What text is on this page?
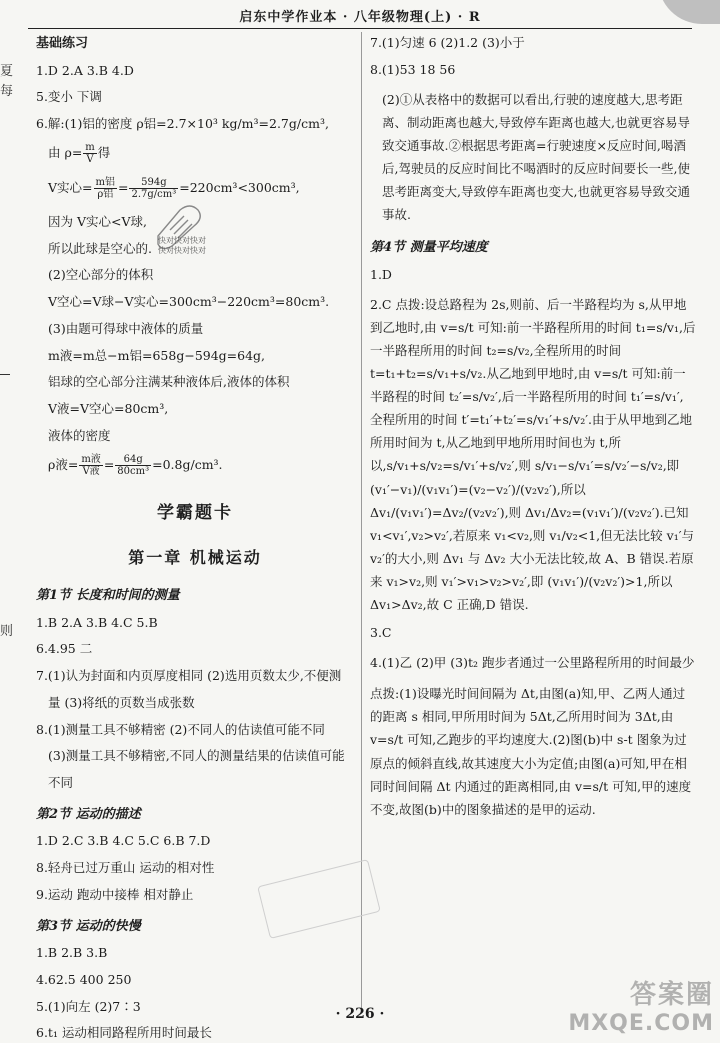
启东中学作业本 · 八年级物理(上) · R
夏
每
则

基础练习

1.D 2.A 3.B 4.D

5.变小 下调

6.解:(1)铝的密度 ρ铝=2.7×10³ kg/m³=2.7g/cm³,

由 $\rho= \frac{m}{V}$ 得

V实心= $\frac{\text{m铝}}{\text{ρ铝}} = \frac{594g}{\text{2.7g/cm³}} =220cm^3<300cm^3$,

因为 V实心<V球,

所以此球是空心的.

(2)空心部分的体积

V空心=V球−V实心=300cm³−220cm³=80cm³.

(3)由题可得球中液体的质量

m液=m总−m铝=658g−594g=64g,

铝球的空心部分注满某种液体后,液体的体积

V液=V空心=80cm³,

液体的密度

ρ液= $\frac{\text{m液}}{\text{V液}} = \frac{64g}{\text{80cm³}} =0.8g/cm^3$.

学霸题卡

第一章 机械运动

第1节 长度和时间的测量

1.B 2.A 3.B 4.C 5.B

6.4.95 二

7.(1)认为封面和内页厚度相同 (2)选用页数太少,不便测

量 (3)将纸的页数当成张数

8.(1)测量工具不够精密 (2)不同人的估读值可能不同

(3)测量工具不够精密,不同人的测量结果的估读值可能

不同

第2节 运动的描述

1.D 2.C 3.B 4.C 5.C 6.B 7.D

8.轻舟已过万重山 运动的相对性

9.运动 跑动中接棒 相对静止

第3节 运动的快慢

1.B 2.B 3.B

4.62.5 400 250

5.(1)向左 (2)7∶3

6.t₁ 运动相同路程所用时间最长

7.(1)匀速 6 (2)1.2 (3)小于

8.(1)53 18 56

(2)①从表格中的数据可以看出,行驶的速度越大,思考距离、制动距离也越大,导致停车距离也越大,也就更容易导致交通事故.②根据思考距离=行驶速度×反应时间,喝酒后,驾驶员的反应时间比不喝酒时的反应时间要长一些,使思考距离变大,导致停车距离也变大,也就更容易导致交通事故.

第4节 测量平均速度

1.D

2.C 点拨:设总路程为 2s,则前、后一半路程均为 s,从甲地到乙地时,由 v=s/t 可知:前一半路程所用的时间 t₁=s/v₁,后一半路程所用的时间 t₂=s/v₂,全程所用的时间 t=t₁+t₂=s/v₁+s/v₂.从乙地到甲地时,由 v=s/t 可知:前一半路程的时间 t₂′=s/v₂′,后一半路程所用的时间 t₁′=s/v₁′,全程所用的时间 t′=t₁′+t₂′=s/v₁′+s/v₂′.由于从甲地到乙地所用时间为 t,从乙地到甲地所用时间也为 t,所以,s/v₁+s/v₂=s/v₁′+s/v₂′,则 s/v₁−s/v₁′=s/v₂′−s/v₂,即 (v₁′−v₁)/(v₁v₁′)=(v₂−v₂′)/(v₂v₂′),所以 Δv₁/(v₁v₁′)=Δv₂/(v₂v₂′),则 Δv₁/Δv₂=(v₁v₁′)/(v₂v₂′).已知 v₁<v₁′,v₂>v₂′,若原来 v₁<v₂,则 v₁/v₂<1,但无法比较 v₁′与 v₂′的大小,则 Δv₁ 与 Δv₂ 大小无法比较,故 A、B 错误.若原来 v₁>v₂,则 v₁′>v₁>v₂>v₂′,即 (v₁v₁′)/(v₂v₂′)>1,所以 Δv₁>Δv₂,故 C 正确,D 错误.

3.C

4.(1)乙 (2)甲 (3)t₂ 跑步者通过一公里路程所用的时间最少

点拨:(1)设曝光时间间隔为 Δt,由图(a)知,甲、乙两人通过的距离 s 相同,甲所用时间为 5Δt,乙所用时间为 3Δt,由 v=s/t 可知,乙跑步的平均速度大.(2)图(b)中 s-t 图象为过原点的倾斜直线,故其速度大小为定值;由图(a)可知,甲在相同时间间隔 Δt 内通过的距离相同,由 v=s/t 可知,甲的速度不变,故图(b)中的图象描述的是甲的运动.

快对快对快对
快对快对快对
答案圈
MXQE.COM
· 226 ·
